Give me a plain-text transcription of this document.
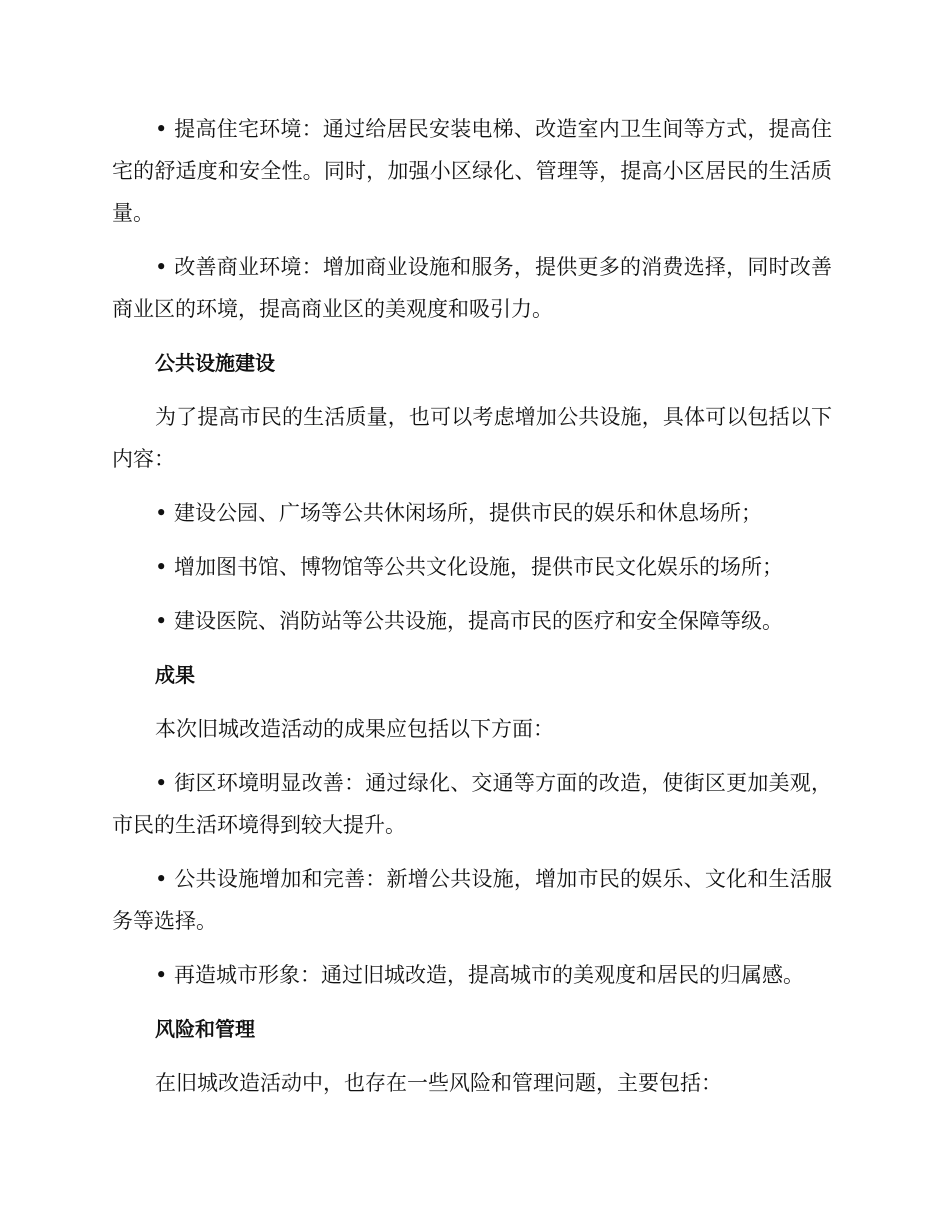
• 提高住宅环境：通过给居民安装电梯、改造室内卫生间等方式，提高住宅的舒适度和安全性。同时，加强小区绿化、管理等，提高小区居民的生活质量。

• 改善商业环境：增加商业设施和服务，提供更多的消费选择，同时改善商业区的环境，提高商业区的美观度和吸引力。

公共设施建设

为了提高市民的生活质量，也可以考虑增加公共设施，具体可以包括以下内容：

• 建设公园、广场等公共休闲场所，提供市民的娱乐和休息场所；

• 增加图书馆、博物馆等公共文化设施，提供市民文化娱乐的场所；

• 建设医院、消防站等公共设施，提高市民的医疗和安全保障等级。

成果

本次旧城改造活动的成果应包括以下方面：

• 街区环境明显改善：通过绿化、交通等方面的改造，使街区更加美观，市民的生活环境得到较大提升。

• 公共设施增加和完善：新增公共设施，增加市民的娱乐、文化和生活服务等选择。

• 再造城市形象：通过旧城改造，提高城市的美观度和居民的归属感。

风险和管理

在旧城改造活动中，也存在一些风险和管理问题，主要包括：
